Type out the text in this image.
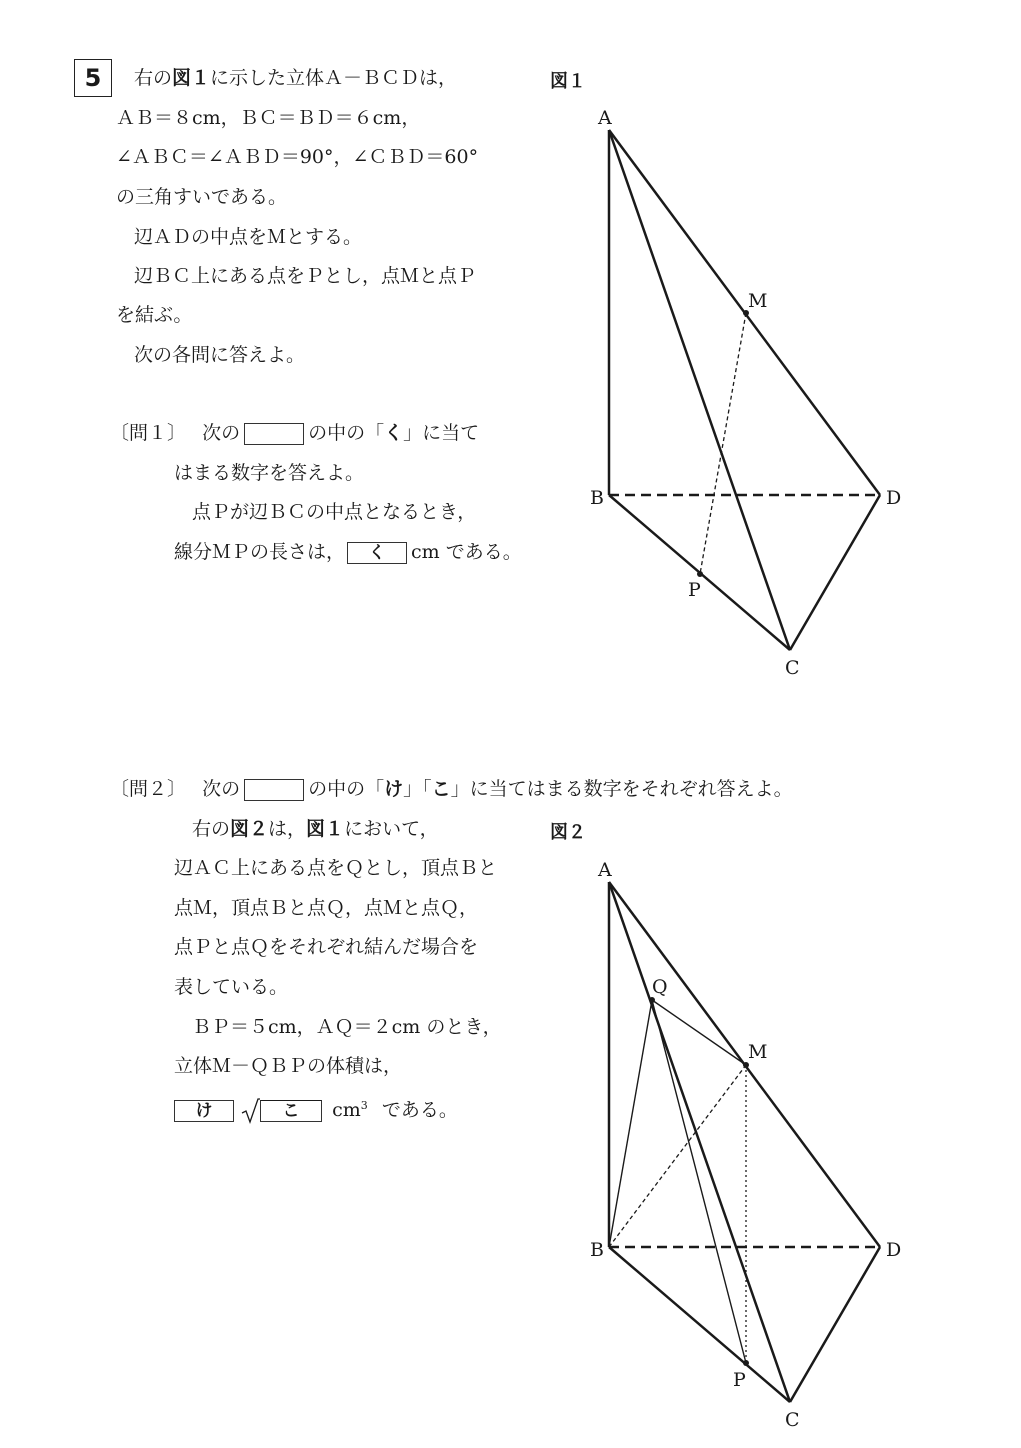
5	右の図１に示した立体Ａ－ＢＣＤは，
ＡＢ＝８cm，ＢＣ＝ＢＤ＝６cm，
∠ＡＢＣ＝∠ＡＢＤ＝90°，∠ＣＢＤ＝60°
の三角すいである。
辺ＡＤの中点をＭとする。
辺ＢＣ上にある点をＰとし，点Ｍと点Ｐ
を結ぶ。
次の各問に答えよ。
〔問１〕 次の	の中の「く」に当て
はまる数字を答えよ。
点Ｐが辺ＢＣの中点となるとき，
線分ＭＰの長さは， く cm である。
図１
A
B
C
D
M
P
〔問２〕 次の	の中の「け」「こ」に当てはまる数字をそれぞれ答えよ。
右の図２は，図１において，
辺ＡＣ上にある点をＱとし，頂点Ｂと
点Ｍ，頂点Ｂと点Ｑ，点Ｍと点Ｑ，
点Ｐと点Ｑをそれぞれ結んだ場合を
表している。
ＢＰ＝５cm，ＡＱ＝２cm のとき，
立体Ｍ－ＱＢＰの体積は，
け	こ $cm^3$ である。
図２
A
B
C
D
M
Q
P
